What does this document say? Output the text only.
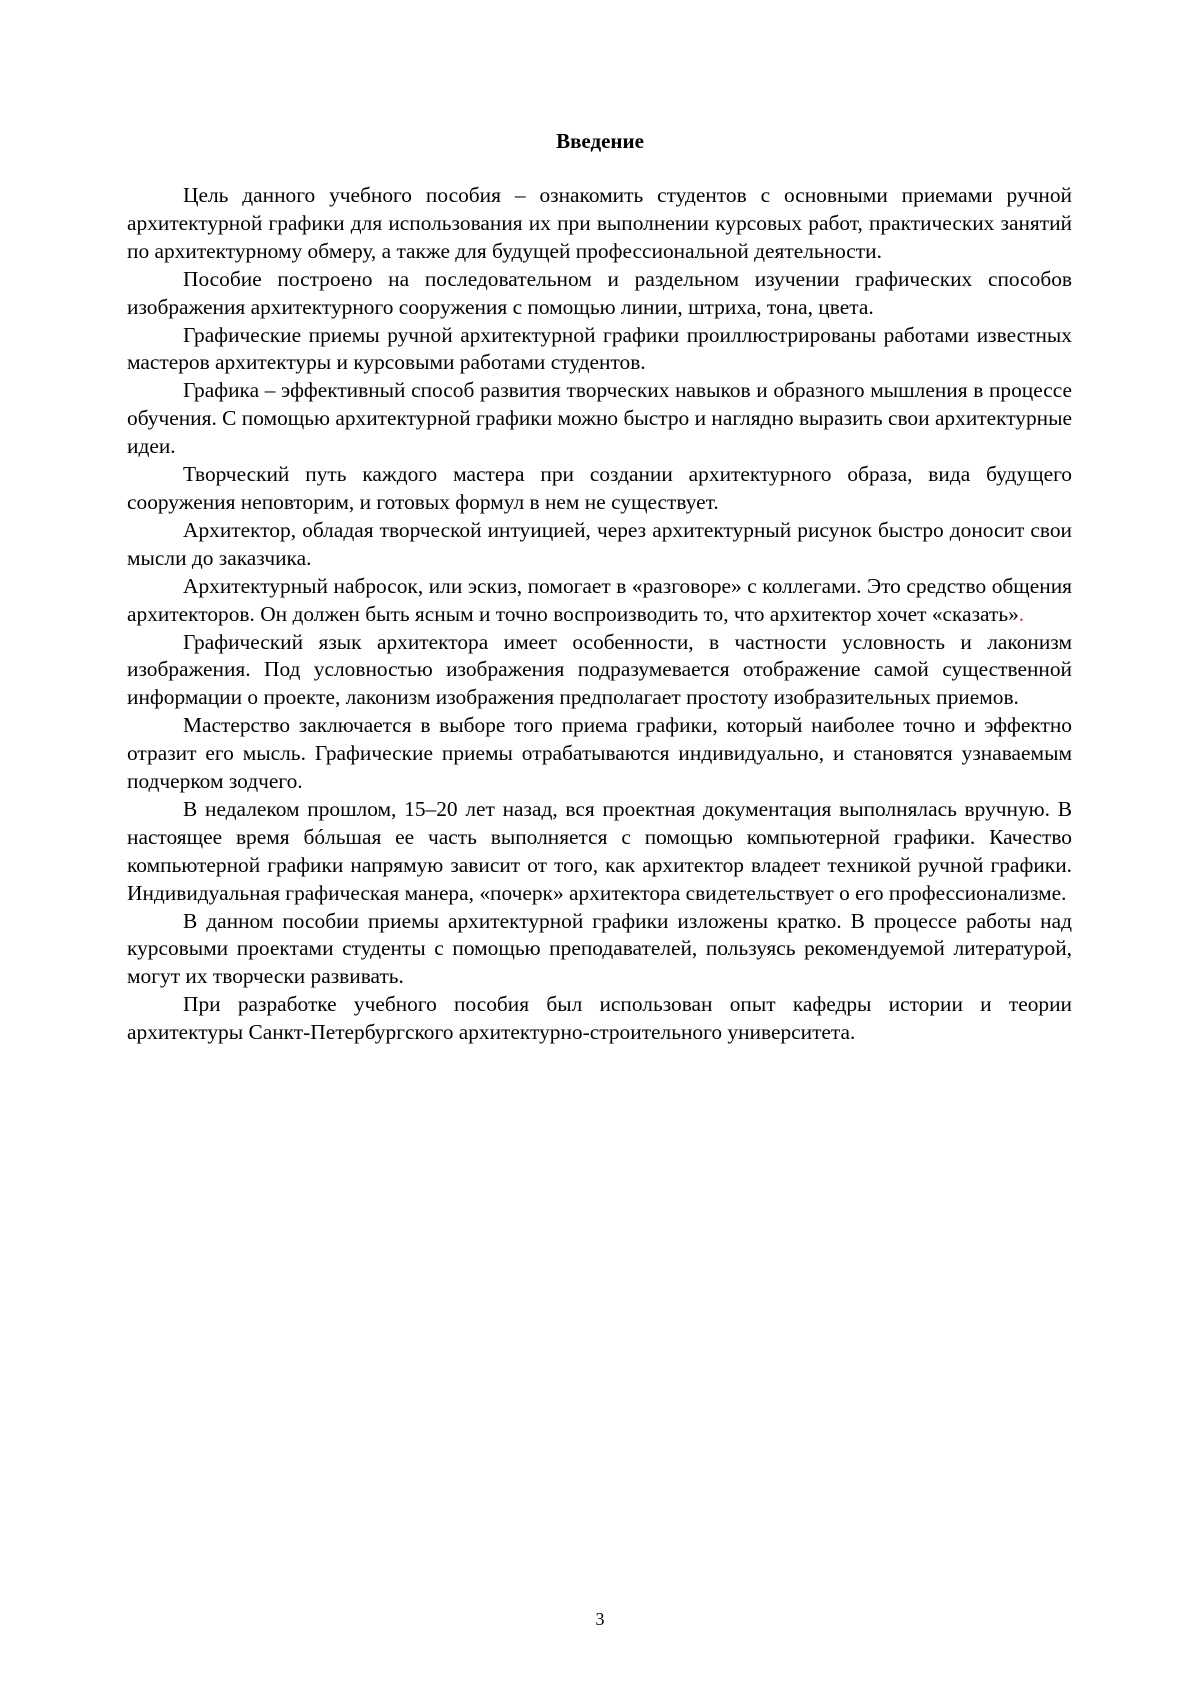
Введение

Цель данного учебного пособия – ознакомить студентов с основными приемами ручной архитектурной графики для использования их при выполнении курсовых работ, практических занятий по архитектурному обмеру, а также для будущей профессиональной деятельности.

Пособие построено на последовательном и раздельном изучении графических способов изображения архитектурного сооружения с помощью линии, штриха, тона, цвета.

Графические приемы ручной архитектурной графики проиллюстрированы работами известных мастеров архитектуры и курсовыми работами студентов.

Графика – эффективный способ развития творческих навыков и образного мышления в процессе обучения. С помощью архитектурной графики можно быстро и наглядно выразить свои архитектурные идеи.

Творческий путь каждого мастера при создании архитектурного образа, вида будущего сооружения неповторим, и готовых формул в нем не существует.

Архитектор, обладая творческой интуицией, через архитектурный рисунок быстро доносит свои мысли до заказчика.

Архитектурный набросок, или эскиз, помогает в «разговоре» с коллегами. Это средство общения архитекторов. Он должен быть ясным и точно воспроизводить то, что архитектор хочет «сказать».

Графический язык архитектора имеет особенности, в частности условность и лаконизм изображения. Под условностью изображения подразумевается отображение самой существенной информации о проекте, лаконизм изображения предполагает простоту изобразительных приемов.

Мастерство заключается в выборе того приема графики, который наиболее точно и эффектно отразит его мысль. Графические приемы отрабатываются индивидуально, и становятся узнаваемым подчерком зодчего.

В недалеком прошлом, 15–20 лет назад, вся проектная документация выполнялась вручную. В настоящее время бóльшая ее часть выполняется с помощью компьютерной графики. Качество компьютерной графики напрямую зависит от того, как архитектор владеет техникой ручной графики. Индивидуальная графическая манера, «почерк» архитектора свидетельствует о его профессионализме.

В данном пособии приемы архитектурной графики изложены кратко. В процессе работы над курсовыми проектами студенты с помощью преподавателей, пользуясь рекомендуемой литературой, могут их творчески развивать.

При разработке учебного пособия был использован опыт кафедры истории и теории архитектуры Санкт-Петербургского архитектурно-строительного университета.

3
